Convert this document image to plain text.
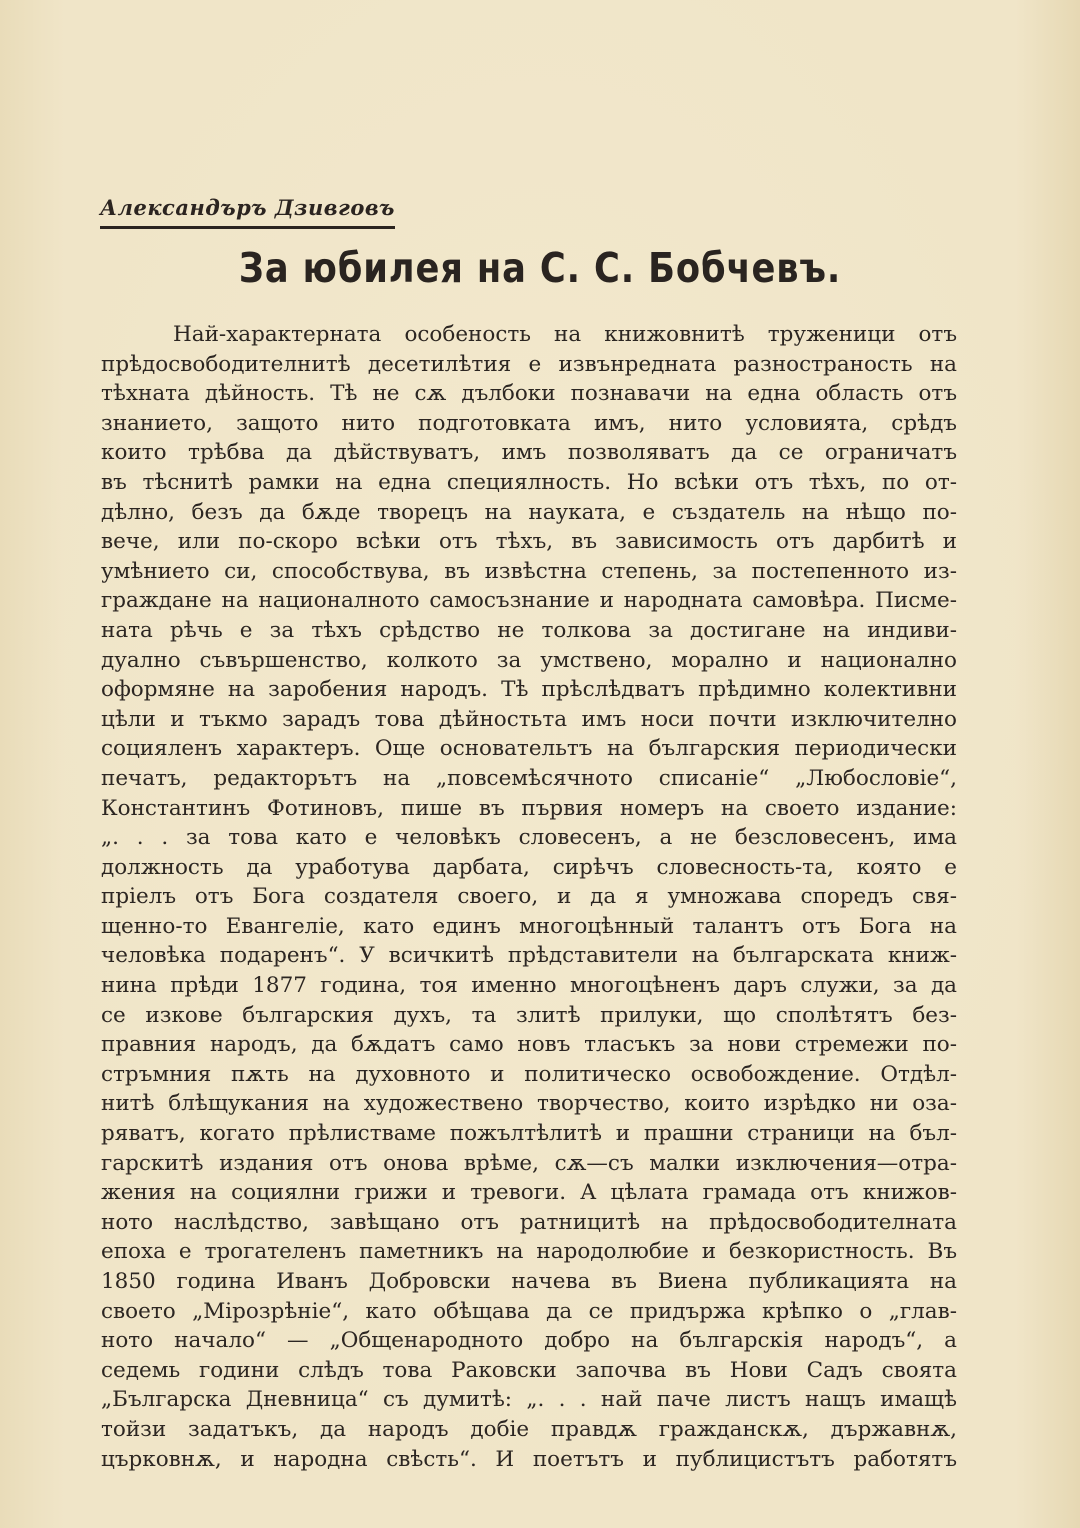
Александъръ Дзивговъ
За юбилея на С. С. Бобчевъ.
Най-характерната особеность на книжовнитѣ труженици отъ
прѣдосвободителнитѣ десетилѣтия е извънредната разностраность на
тѣхната дѣйность. Тѣ не сѫ дълбоки познавачи на една область отъ
знанието, защото нито подготовката имъ, нито условията, срѣдъ
които трѣбва да дѣйствуватъ, имъ позволяватъ да се ограничатъ
въ тѣснитѣ рамки на една специялность. Но всѣки отъ тѣхъ, по от-
дѣлно, безъ да бѫде творецъ на науката, е създатель на нѣщо по-
вече, или по-скоро всѣки отъ тѣхъ, въ зависимость отъ дарбитѣ и
умѣнието си, способствува, въ извѣстна степень, за постепенното из-
граждане на националното самосъзнание и народната самовѣра. Писме-
ната рѣчь е за тѣхъ срѣдство не толкова за достигане на индиви-
дуално съвършенство, колкото за умствено, морално и национално
оформяне на заробения народъ. Тѣ прѣслѣдватъ прѣдимно колективни
цѣли и тъкмо зарадъ това дѣйностьта имъ носи почти изключително
социяленъ характеръ. Още основательтъ на българския периодически
печатъ, редакторътъ на „повсемѣсячното списаніе“ „Любословіе“,
Константинъ Фотиновъ, пише въ първия номеръ на своето издание:
„. . . за това като е человѣкъ словесенъ, а не безсловесенъ, има
должность да уработува дарбата, сирѣчъ словесность-та, която е
пріелъ отъ Бога создателя своего, и да я умножава споредъ свя-
щенно-то Евангеліе, като единъ многоцѣнный талантъ отъ Бога на
человѣка подаренъ“. У всичкитѣ прѣдставители на българската книж-
нина прѣди 1877 година, тоя именно многоцѣненъ даръ служи, за да
се изкове българския духъ, та злитѣ прилуки, що сполѣтятъ без-
правния народъ, да бѫдатъ само новъ тласъкъ за нови стремежи по-
стръмния пѫть на духовното и политическо освобождение. Отдѣл-
нитѣ блѣщукания на художествено творчество, които изрѣдко ни оза-
ряватъ, когато прѣлистваме пожълтѣлитѣ и прашни страници на бъл-
гарскитѣ издания отъ онова врѣме, сѫ—съ малки изключения—отра-
жения на социялни грижи и тревоги. А цѣлата грамада отъ книжов-
ното наслѣдство, завѣщано отъ ратницитѣ на прѣдосвободителната
епоха е трогателенъ паметникъ на народолюбие и безкористность. Въ
1850 година Иванъ Добровски начева въ Виена публикацията на
своето „Мірозрѣніе“, като обѣщава да се придържа крѣпко о „глав-
ното начало“ — „Общенародното добро на българскія народъ“, а
седемь години слѣдъ това Раковски започва въ Нови Садъ своята
„Българска Дневница“ съ думитѣ: „. . . най паче листъ нащъ имащѣ
тойзи задатъкъ, да народъ добіе правдѫ гражданскѫ, държавнѫ,
църковнѫ, и народна свѣсть“. И поетътъ и публицистътъ работятъ
